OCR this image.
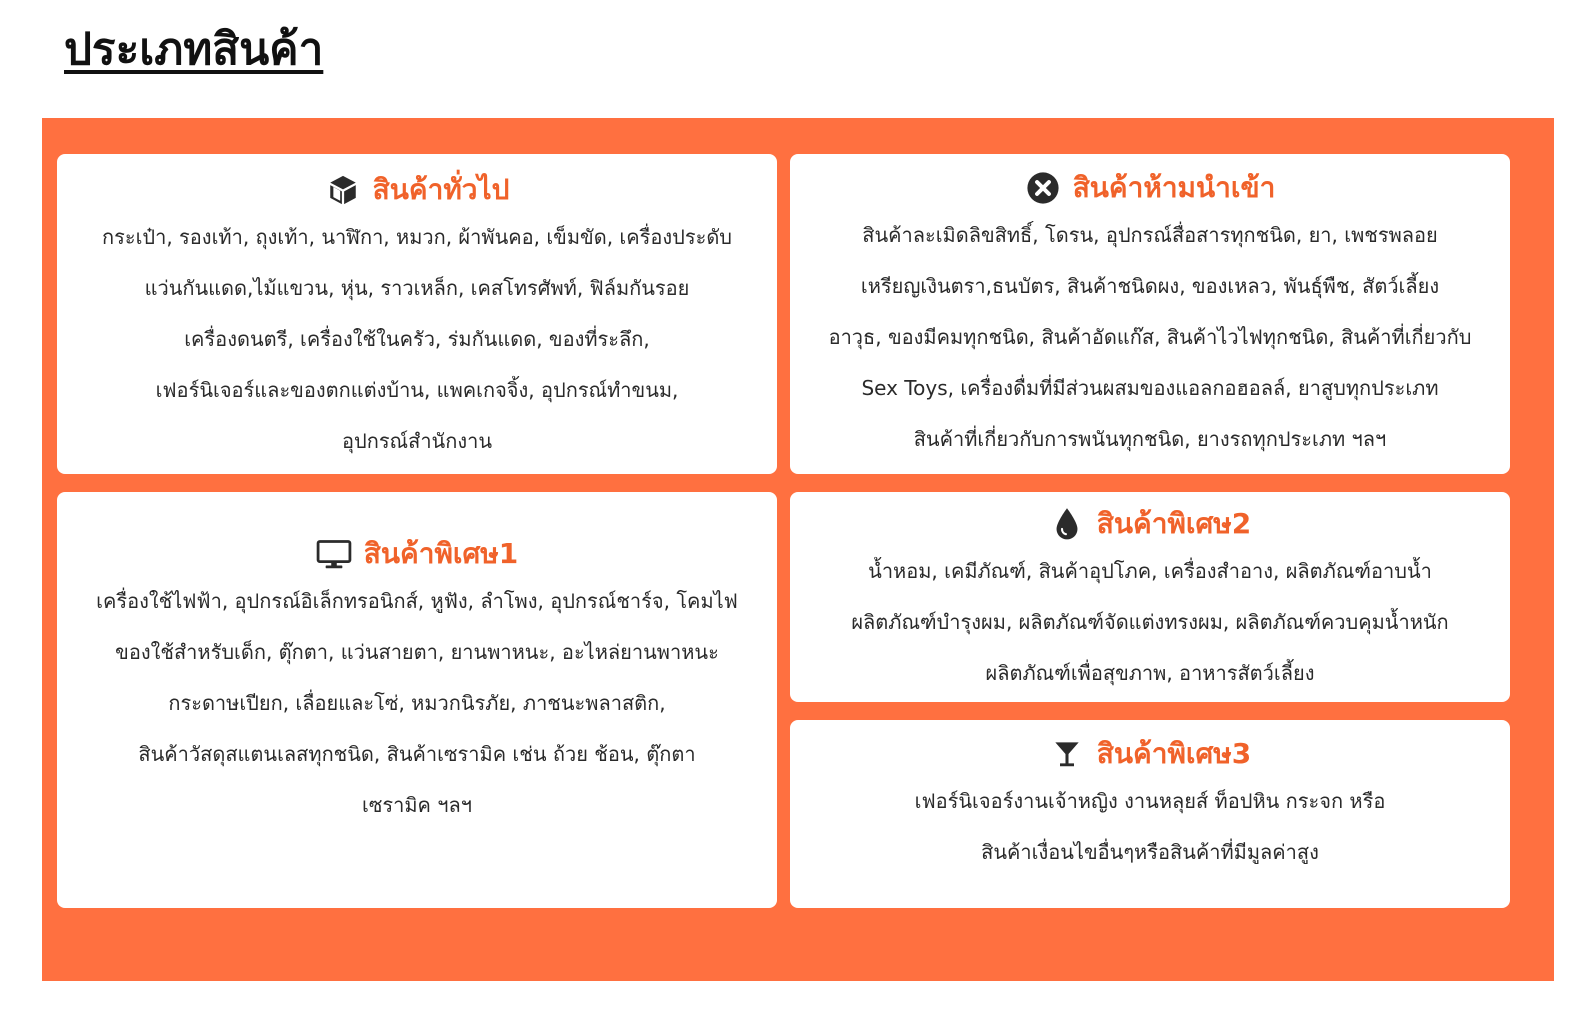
ประเภทสินค้า
สินค้าทั่วไป
กระเป๋า, รองเท้า, ถุงเท้า, นาฬิกา, หมวก, ผ้าพันคอ, เข็มขัด, เครื่องประดับ
แว่นกันแดด,ไม้แขวน, หุ่น, ราวเหล็ก, เคสโทรศัพท์, ฟิล์มกันรอย
เครื่องดนตรี, เครื่องใช้ในครัว, ร่มกันแดด, ของที่ระลึก,
เฟอร์นิเจอร์และของตกแต่งบ้าน, แพคเกจจิ้ง, อุปกรณ์ทำขนม,
อุปกรณ์สำนักงาน
สินค้าห้ามนำเข้า
สินค้าละเมิดลิขสิทธิ์, โดรน, อุปกรณ์สื่อสารทุกชนิด, ยา, เพชรพลอย
เหรียญเงินตรา,ธนบัตร, สินค้าชนิดผง, ของเหลว, พันธุ์พืช, สัตว์เลี้ยง
อาวุธ, ของมีคมทุกชนิด, สินค้าอัดแก๊ส, สินค้าไวไฟทุกชนิด, สินค้าที่เกี่ยวกับ
Sex Toys, เครื่องดื่มที่มีส่วนผสมของแอลกอฮอลล์, ยาสูบทุกประเภท
สินค้าที่เกี่ยวกับการพนันทุกชนิด, ยางรถทุกประเภท ฯลฯ
สินค้าพิเศษ1
เครื่องใช้ไฟฟ้า, อุปกรณ์อิเล็กทรอนิกส์, หูฟัง, ลำโพง, อุปกรณ์ชาร์จ, โคมไฟ
ของใช้สำหรับเด็ก, ตุ๊กตา, แว่นสายตา, ยานพาหนะ, อะไหล่ยานพาหนะ
กระดาษเปียก, เลื่อยและโซ่, หมวกนิรภัย, ภาชนะพลาสติก,
สินค้าวัสดุสแตนเลสทุกชนิด, สินค้าเซรามิค เช่น ถ้วย ช้อน, ตุ๊กตา
เซรามิค ฯลฯ
สินค้าพิเศษ2
น้ำหอม, เคมีภัณฑ์, สินค้าอุปโภค, เครื่องสำอาง, ผลิตภัณฑ์อาบน้ำ
ผลิตภัณฑ์บำรุงผม, ผลิตภัณฑ์จัดแต่งทรงผม, ผลิตภัณฑ์ควบคุมน้ำหนัก
ผลิตภัณฑ์เพื่อสุขภาพ, อาหารสัตว์เลี้ยง
สินค้าพิเศษ3
เฟอร์นิเจอร์งานเจ้าหญิง งานหลุยส์ ท็อปหิน กระจก หรือ
สินค้าเงื่อนไขอื่นๆหรือสินค้าที่มีมูลค่าสูง
